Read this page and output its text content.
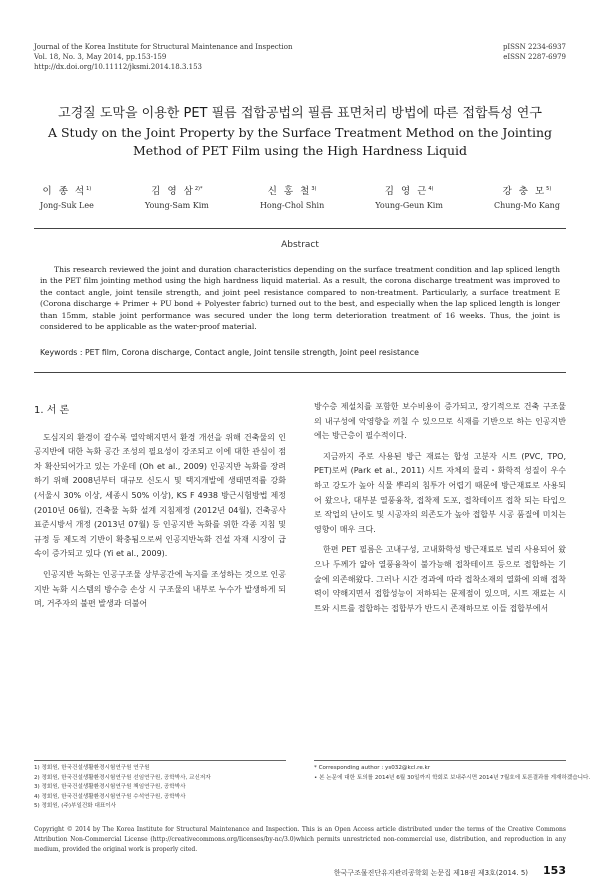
Journal of the Korea Institute for Structural Maintenance and Inspection
Vol. 18, No. 3, May 2014, pp.153-159
http://dx.doi.org/10.11112/jksmi.2014.18.3.153
pISSN 2234-6937
eISSN 2287-6979
고경질 도막을 이용한 PET 필름 접합공법의 필름 표면처리 방법에 따른 접합특성 연구
A Study on the Joint Property by the Surface Treatment Method on the Jointing Method of PET Film using the High Hardness Liquid
이 종 석$^{1)}$
Jong-Suk Lee
김 영 삼$^{2)*}$
Young-Sam Kim
신 홍 철$^{3)}$
Hong-Chol Shin
김 영 근$^{4)}$
Young-Geun Kim
강 충 모$^{5)}$
Chung-Mo Kang
Abstract
This research reviewed the joint and duration characteristics depending on the surface treatment condition and lap spliced length in the PET film jointing method using the high hardness liquid material. As a result, the corona discharge treatment was improved to the contact angle, joint tensile strength, and joint peel resistance compared to non-treatment. Particularly, a surface treatment E (Corona discharge + Primer + PU bond + Polyester fabric) turned out to the best, and especially when the lap spliced length is longer than 15mm, stable joint performance was secured under the long term deterioration treatment of 16 weeks. Thus, the joint is considered to be applicable as the water-proof material.
Keywords : PET film, Corona discharge, Contact angle, Joint tensile strength, Joint peel resistance
1. 서 론

도심지의 환경이 갈수록 열악해지면서 환경 개선을 위해 건축물의 인공지반에 대한 녹화 공간 조성의 필요성이 강조되고 이에 대한 관심이 점차 확산되어가고 있는 가운데 (Oh et al., 2009) 인공지반 녹화를 장려하기 위해 2008년부터 대규모 신도시 및 택지개발에 생태면적률 강화 (서울시 30% 이상, 세종시 50% 이상), KS F 4938 방근시험방법 제정 (2010년 06월), 건축물 녹화 설계 지침제정 (2012년 04월), 건축공사 표준시방서 개정 (2013년 07월) 등 인공지반 녹화를 위한 각종 지침 및 규정 등 제도적 기반이 확충됨으로써 인공지반녹화 건설 자재 시장이 급속이 증가되고 있다 (Yi et al., 2009).

인공지반 녹화는 인공구조물 상부공간에 녹지를 조성하는 것으로 인공지반 녹화 시스템의 방수층 손상 시 구조물의 내부로 누수가 발생하게 되며, 거주자의 불편 발생과 더불어

방수층 제설치를 포함한 보수비용이 증가되고, 장기적으로 건축 구조물의 내구성에 악영향을 끼칠 수 있으므로 식재를 기반으로 하는 인공지반에는 방근층이 필수적이다.

지금까지 주로 사용된 방근 재료는 합성 고분자 시트 (PVC, TPO, PET)로써 (Park et al., 2011) 시트 자체의 물리・화학적 성질이 우수하고 강도가 높아 식물 뿌리의 침투가 어렵기 때문에 방근재료로 사용되어 왔으나, 대부분 열풍융착, 접착제 도포, 접착테이프 접착 되는 타입으로 작업의 난이도 및 시공자의 의존도가 높아 접합부 시공 품질에 미치는 영향이 매우 크다.

한편 PET 필름은 고내구성, 고내화학성 방근재료로 널리 사용되어 왔으나 두께가 얇아 열풍융착이 불가능해 접착테이프 등으로 접합하는 기술에 의존해왔다. 그러나 시간 경과에 따라 접착소재의 열화에 의해 접착력이 약해지면서 접합성능이 저하되는 문제점이 있으며, 시트 재료는 시트와 시트를 접합하는 접합부가 반드시 존재하므로 이들 접합부에서

1) 정회원, 한국건설생활환경시험연구원 연구원
2) 정회원, 한국건설생활환경시험연구원 선임연구원, 공학박사, 교신저자
3) 정회원, 한국건설생활환경시험연구원 책임연구원, 공학박사
4) 정회원, 한국건설생활환경시험연구원 수석연구원, 공학박사
5) 정회원, (주)부일건화 대표이사
* Corresponding author : ys032@kcl.re.kr
• 본 논문에 대한 토의를 2014년 6월 30일까지 학회로 보내주시면 2014년 7월호에 토론결과를 게재하겠습니다.
Copyright © 2014 by The Korea Institute for Structural Maintenance and Inspection. This is an Open Access article distributed under the terms of the Creative Commons Attribution Non-Commercial License (http://creativecommons.org/licenses/by-nc/3.0)which permits unrestricted non-commercial use, distribution, and reproduction in any medium, provided the original work is properly cited.
한국구조물진단유지관리공학회 논문집 제18권 제3호(2014. 5) 153
